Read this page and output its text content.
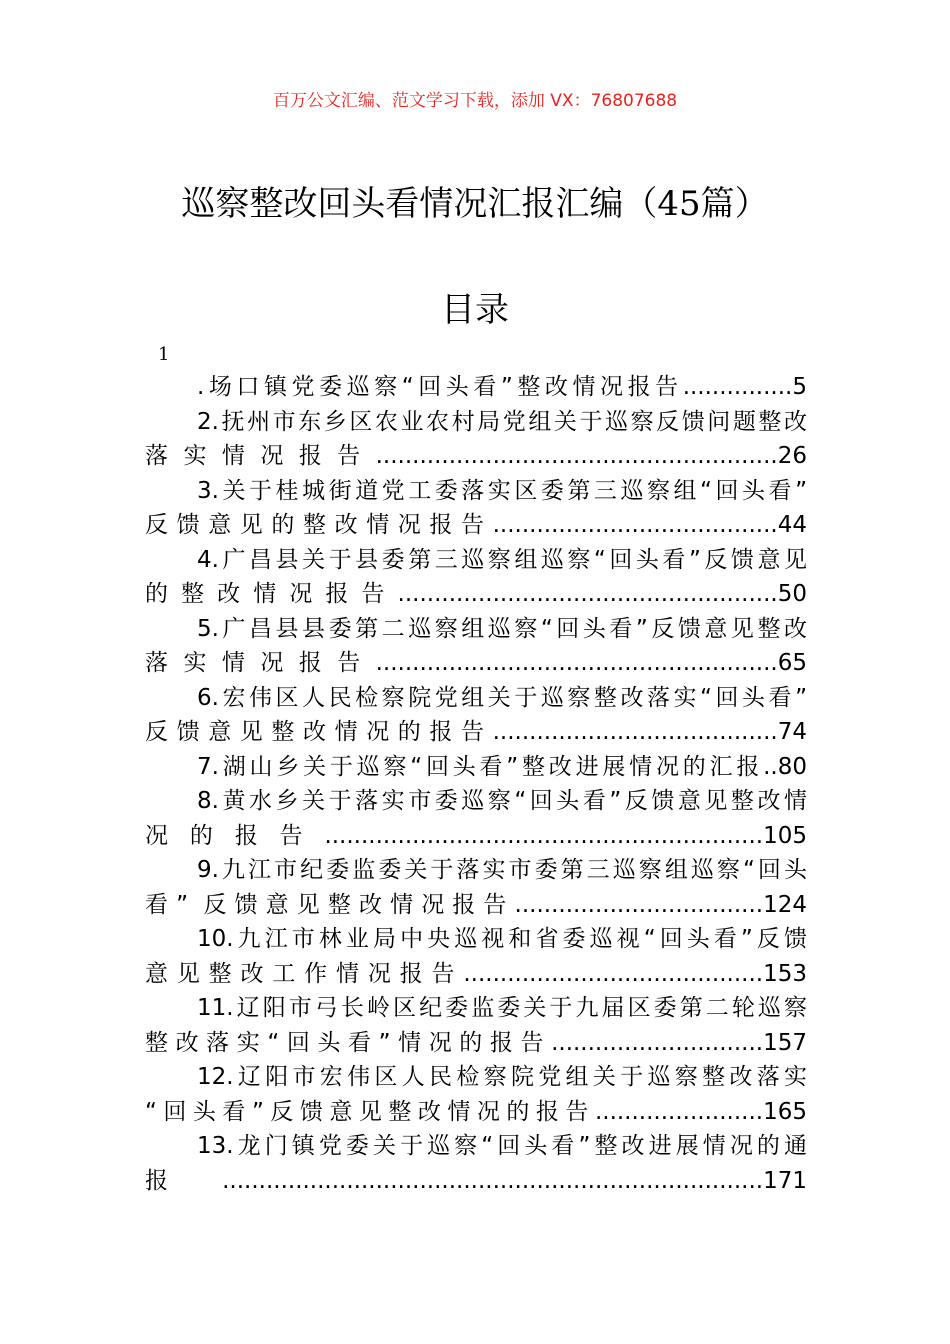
百万公文汇编、范文学习下载，添加 VX：76807688
巡察整改回头看情况汇报汇编（45篇）
目录
1
.场口镇党委巡察“回头看”整改情况报告...............5
2.抚州市东乡区农业农村局党组关于巡察反馈问题整改
落实情况报告.......................................................26
3.关于桂城街道党工委落实区委第三巡察组“回头看”
反馈意见的整改情况报告.......................................44
4.广昌县关于县委第三巡察组巡察“回头看”反馈意见
的整改情况报告....................................................50
5.广昌县县委第二巡察组巡察“回头看”反馈意见整改
落实情况报告.......................................................65
6.宏伟区人民检察院党组关于巡察整改落实“回头看”
反馈意见整改情况的报告.......................................74
7.湖山乡关于巡察“回头看”整改进展情况的汇报..80
8.黄水乡关于落实市委巡察“回头看”反馈意见整改情
况的报告............................................................105
9.九江市纪委监委关于落实市委第三巡察组巡察“回头
看” 反馈意见整改情况报告..................................124
10.九江市林业局中央巡视和省委巡视“回头看”反馈
意见整改工作情况报告.........................................153
11.辽阳市弓长岭区纪委监委关于九届区委第二轮巡察
整改落实“回头看”情况的报告.............................157
12.辽阳市宏伟区人民检察院党组关于巡察整改落实
“回头看”反馈意见整改情况的报告.......................165
13.龙门镇党委关于巡察“回头看”整改进展情况的通
报..........................................................................171
